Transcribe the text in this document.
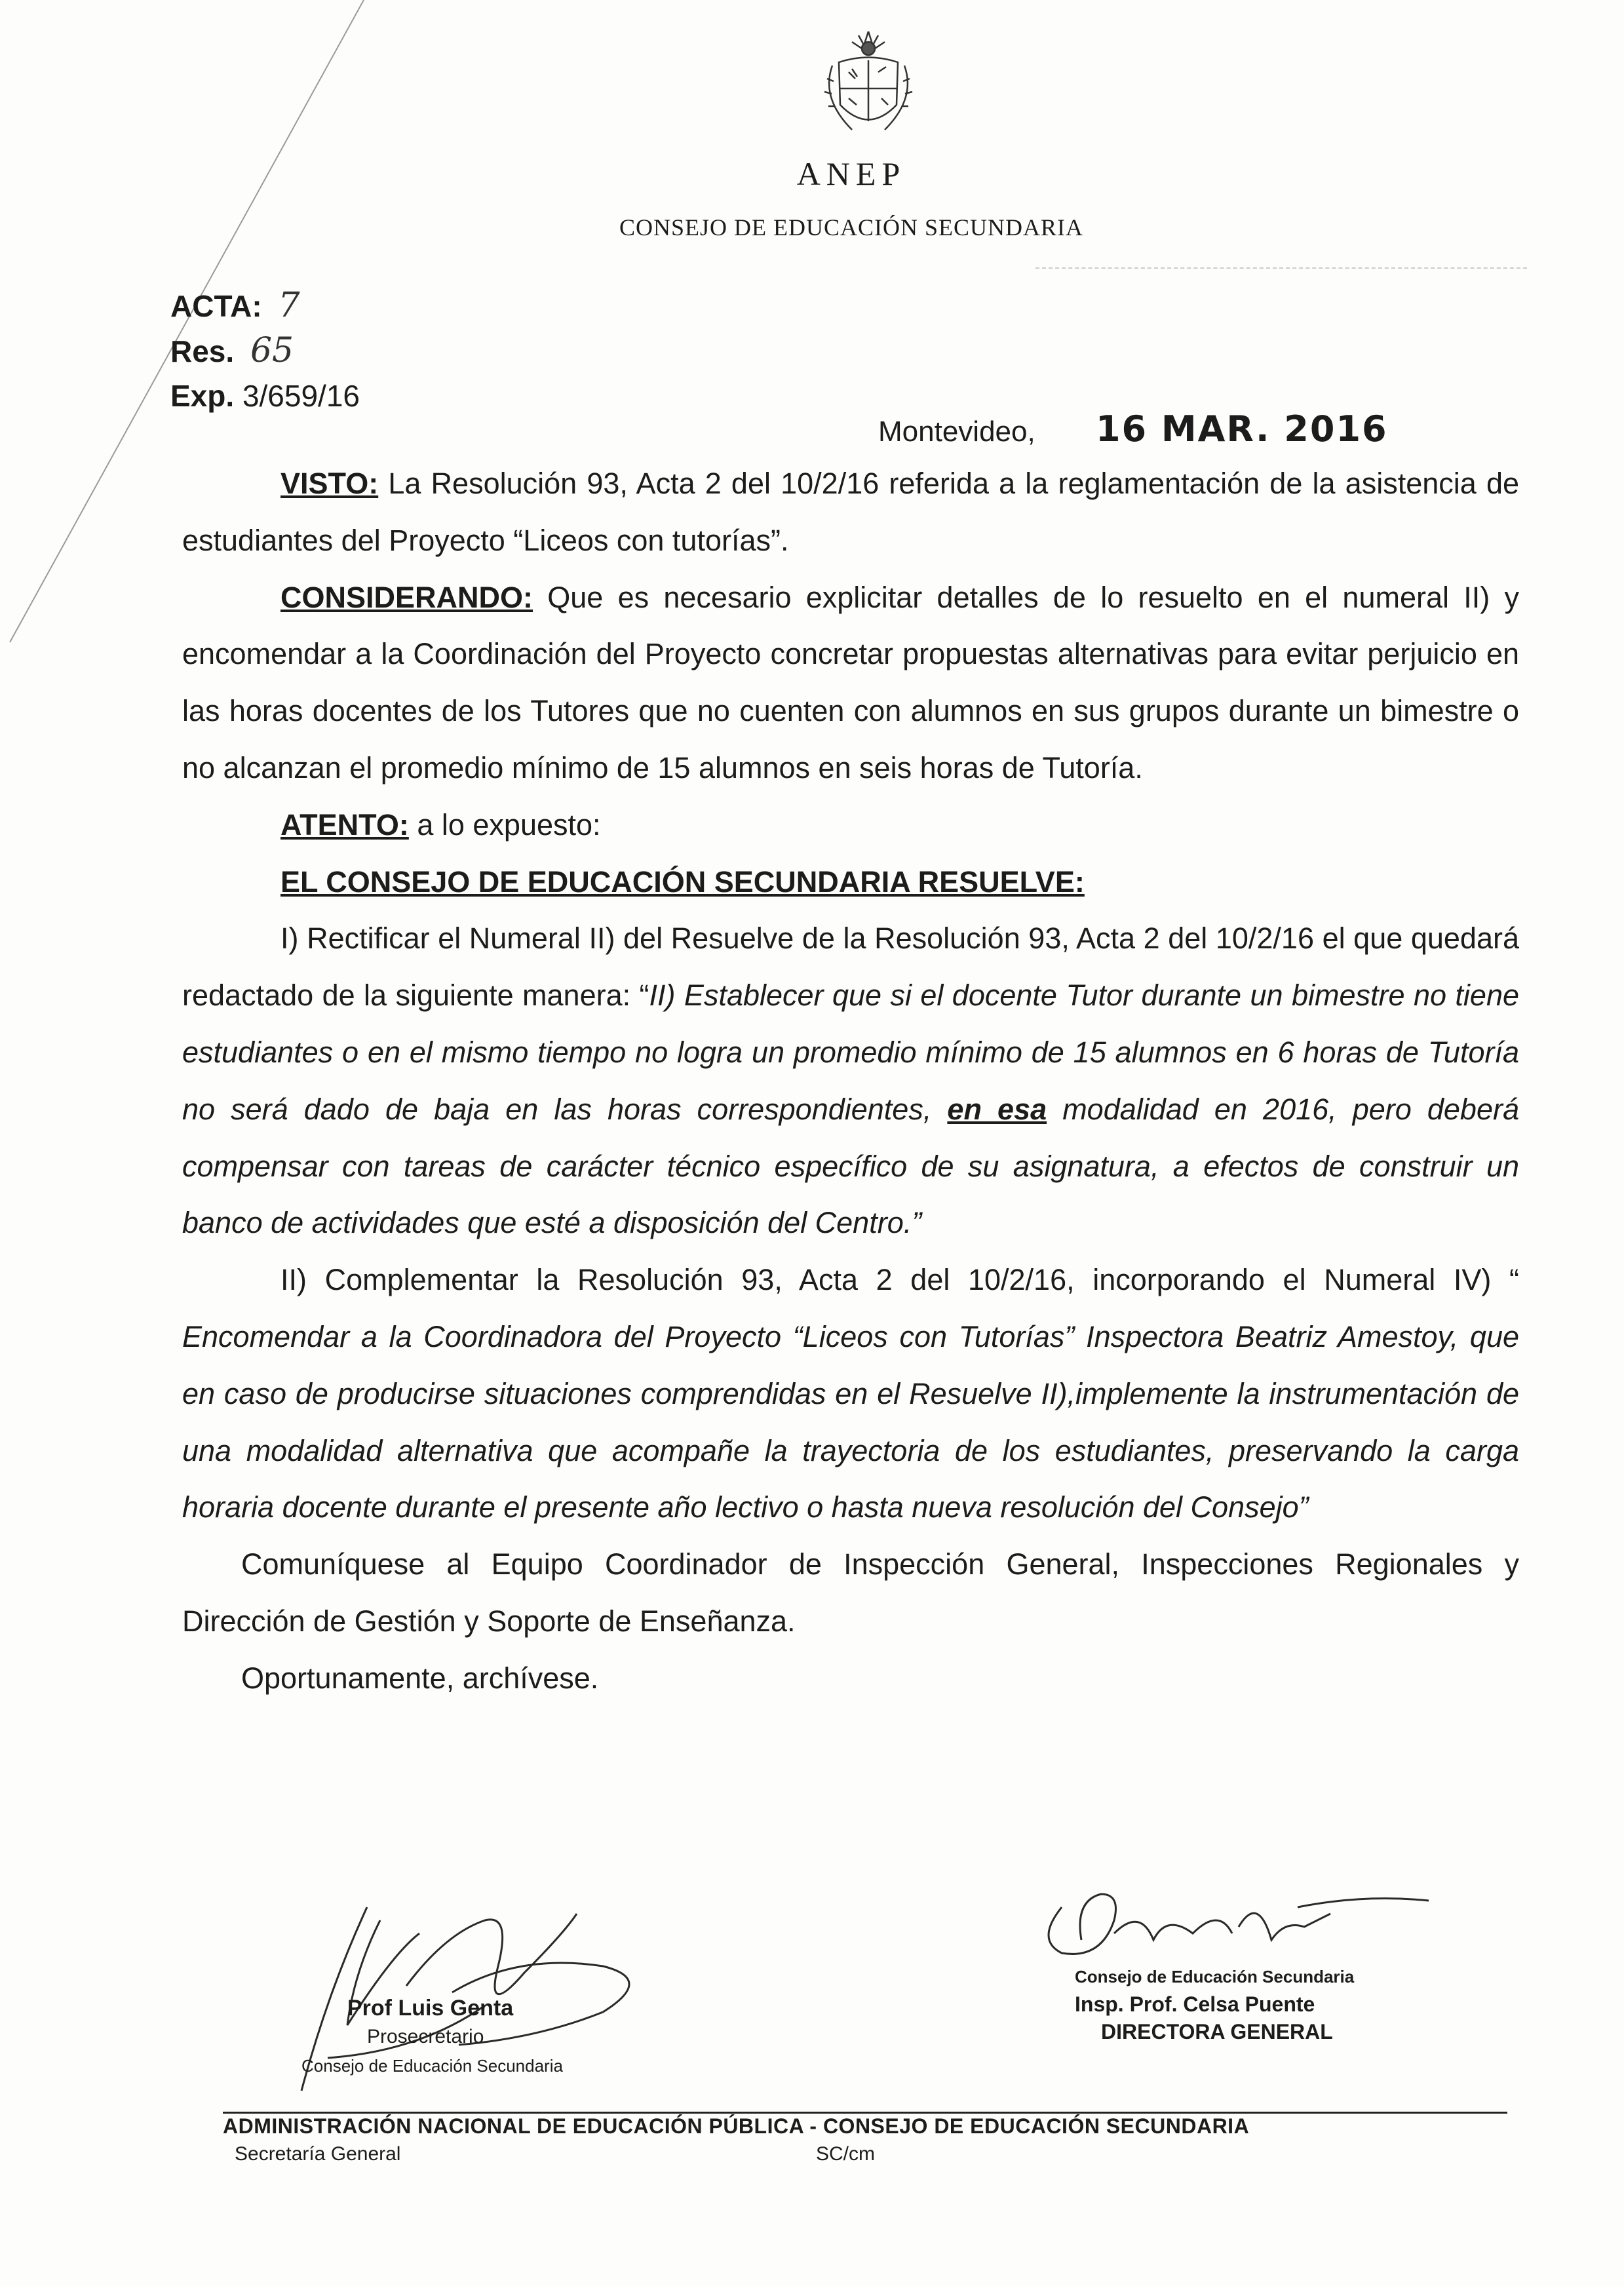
ANEP
CONSEJO DE EDUCACIÓN SECUNDARIA
ACTA: 7
Res. 65
Exp. 3/659/16
Montevideo, 16 MAR. 2016

VISTO: La Resolución 93, Acta 2 del 10/2/16 referida a la reglamentación de la asistencia de estudiantes del Proyecto “Liceos con tutorías”.

CONSIDERANDO: Que es necesario explicitar detalles de lo resuelto en el numeral II) y encomendar a la Coordinación del Proyecto concretar propuestas alternativas para evitar perjuicio en las horas docentes de los Tutores que no cuenten con alumnos en sus grupos durante un bimestre o no alcanzan el promedio mínimo de 15 alumnos en seis horas de Tutoría.

ATENTO: a lo expuesto:

EL CONSEJO DE EDUCACIÓN SECUNDARIA RESUELVE:

I) Rectificar el Numeral II) del Resuelve de la Resolución 93, Acta 2 del 10/2/16 el que quedará redactado de la siguiente manera: “II) Establecer que si el docente Tutor durante un bimestre no tiene estudiantes o en el mismo tiempo no logra un promedio mínimo de 15 alumnos en 6 horas de Tutoría no será dado de baja en las horas correspondientes, en esa modalidad en 2016, pero deberá compensar con tareas de carácter técnico específico de su asignatura, a efectos de construir un banco de actividades que esté a disposición del Centro.”

II) Complementar la Resolución 93, Acta 2 del 10/2/16, incorporando el Numeral IV) “ Encomendar a la Coordinadora del Proyecto “Liceos con Tutorías” Inspectora Beatriz Amestoy, que en caso de producirse situaciones comprendidas en el Resuelve II),implemente la instrumentación de una modalidad alternativa que acompañe la trayectoria de los estudiantes, preservando la carga horaria docente durante el presente año lectivo o hasta nueva resolución del Consejo”

Comuníquese al Equipo Coordinador de Inspección General, Inspecciones Regionales y Dirección de Gestión y Soporte de Enseñanza.

Oportunamente, archívese.

Prof Luis Genta
Prosecretario
Consejo de Educación Secundaria
Consejo de Educación Secundaria
Insp. Prof. Celsa Puente
DIRECTORA GENERAL
ADMINISTRACIÓN NACIONAL DE EDUCACIÓN PÚBLICA - CONSEJO DE EDUCACIÓN SECUNDARIA
Secretaría General	SC/cm
